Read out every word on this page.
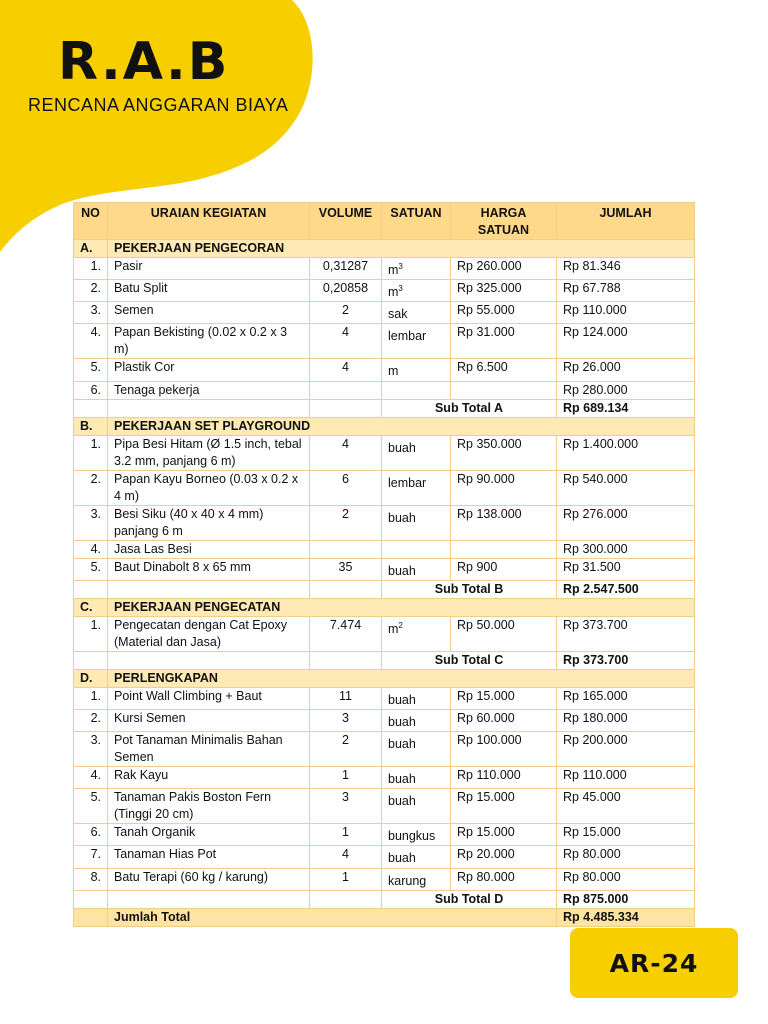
R.A.B
RENCANA ANGGARAN BIAYA
NO	URAIAN KEGIATAN	VOLUME	SATUAN	HARGA SATUAN	JUMLAH
A.	PEKERJAAN PENGECORAN				
1.	Pasir	0,31287	$m^3$	Rp 260.000	Rp 81.346
2.	Batu Split	0,20858	$m^3$	Rp 325.000	Rp 67.788
3.	Semen	2	sak	Rp 55.000	Rp 110.000
4.	Papan Bekisting (0.02 x 0.2 x 3 m)	4	lembar	Rp 31.000	Rp 124.000
5.	Plastik Cor	4	m	Rp 6.500	Rp 26.000
6.	Tenaga pekerja				Rp 280.000
			Sub Total A		Rp 689.134
B.	PEKERJAAN SET PLAYGROUND				
1.	Pipa Besi Hitam (Ø 1.5 inch, tebal 3.2 mm, panjang 6 m)	4	buah	Rp 350.000	Rp 1.400.000
2.	Papan Kayu Borneo (0.03 x 0.2 x 4 m)	6	lembar	Rp 90.000	Rp 540.000
3.	Besi Siku (40 x 40 x 4 mm) panjang 6 m	2	buah	Rp 138.000	Rp 276.000
4.	Jasa Las Besi				Rp 300.000
5.	Baut Dinabolt 8 x 65 mm	35	buah	Rp 900	Rp 31.500
			Sub Total B		Rp 2.547.500
C.	PEKERJAAN PENGECATAN				
1.	Pengecatan dengan Cat Epoxy (Material dan Jasa)	7.474	$m^2$	Rp 50.000	Rp 373.700
			Sub Total C		Rp 373.700
D.	PERLENGKAPAN				
1.	Point Wall Climbing + Baut	11	buah	Rp 15.000	Rp 165.000
2.	Kursi Semen	3	buah	Rp 60.000	Rp 180.000
3.	Pot Tanaman Minimalis Bahan Semen	2	buah	Rp 100.000	Rp 200.000
4.	Rak Kayu	1	buah	Rp 110.000	Rp 110.000
5.	Tanaman Pakis Boston Fern (Tinggi 20 cm)	3	buah	Rp 15.000	Rp 45.000
6.	Tanah Organik	1	bungkus	Rp 15.000	Rp 15.000
7.	Tanaman Hias Pot	4	buah	Rp 20.000	Rp 80.000
8.	Batu Terapi (60 kg / karung)	1	karung	Rp 80.000	Rp 80.000
			Sub Total D		Rp 875.000
	Jumlah Total				Rp 4.485.334
AR-24
